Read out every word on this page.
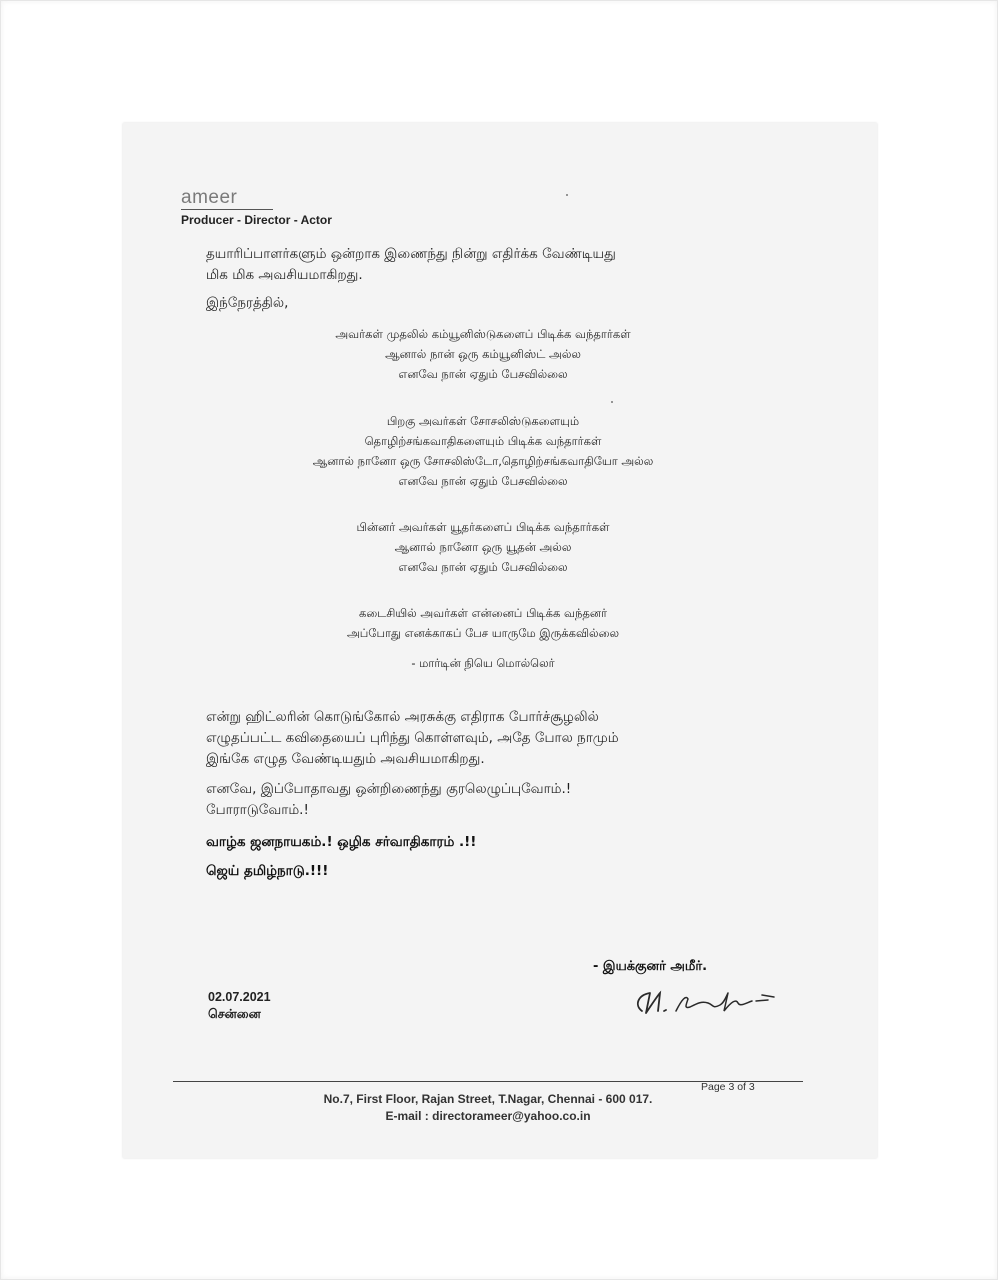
ameer
Producer - Director - Actor
தயாரிப்பாளர்களும் ஒன்றாக இணைந்து நின்று எதிர்க்க வேண்டியது
மிக மிக அவசியமாகிறது.
இந்நேரத்தில்,
அவர்கள் முதலில் கம்யூனிஸ்டுகளைப் பிடிக்க வந்தார்கள்
ஆனால் நான் ஒரு கம்யூனிஸ்ட் அல்ல
எனவே நான் ஏதும் பேசவில்லை
பிறகு அவர்கள் சோசலிஸ்டுகளையும்
தொழிற்சங்கவாதிகளையும் பிடிக்க வந்தார்கள்
ஆனால் நானோ ஒரு சோசலிஸ்டோ,தொழிற்சங்கவாதியோ அல்ல
எனவே நான் ஏதும் பேசவில்லை
பின்னர் அவர்கள் யூதர்களைப் பிடிக்க வந்தார்கள்
ஆனால் நானோ ஒரு யூதன் அல்ல
எனவே நான் ஏதும் பேசவில்லை
கடைசியில் அவர்கள் என்னைப் பிடிக்க வந்தனர்
அப்போது எனக்காகப் பேச யாருமே இருக்கவில்லை
- மார்டின் நியெ மொல்லெர்
என்று ஹிட்லரின் கொடுங்கோல் அரசுக்கு எதிராக போர்ச்சூழலில்
எழுதப்பட்ட கவிதையைப் புரிந்து கொள்ளவும், அதே போல நாமும்
இங்கே எழுத வேண்டியதும் அவசியமாகிறது.
எனவே, இப்போதாவது ஒன்றிணைந்து குரலெழுப்புவோம்.!
போராடுவோம்.!
வாழ்க ஜனநாயகம்.! ஒழிக சர்வாதிகாரம் .!!
ஜெய் தமிழ்நாடு.!!!
- இயக்குனர் அமீர்.
02.07.2021
சென்னை
Page 3 of 3
No.7, First Floor, Rajan Street, T.Nagar, Chennai - 600 017.
E-mail : directorameer@yahoo.co.in
